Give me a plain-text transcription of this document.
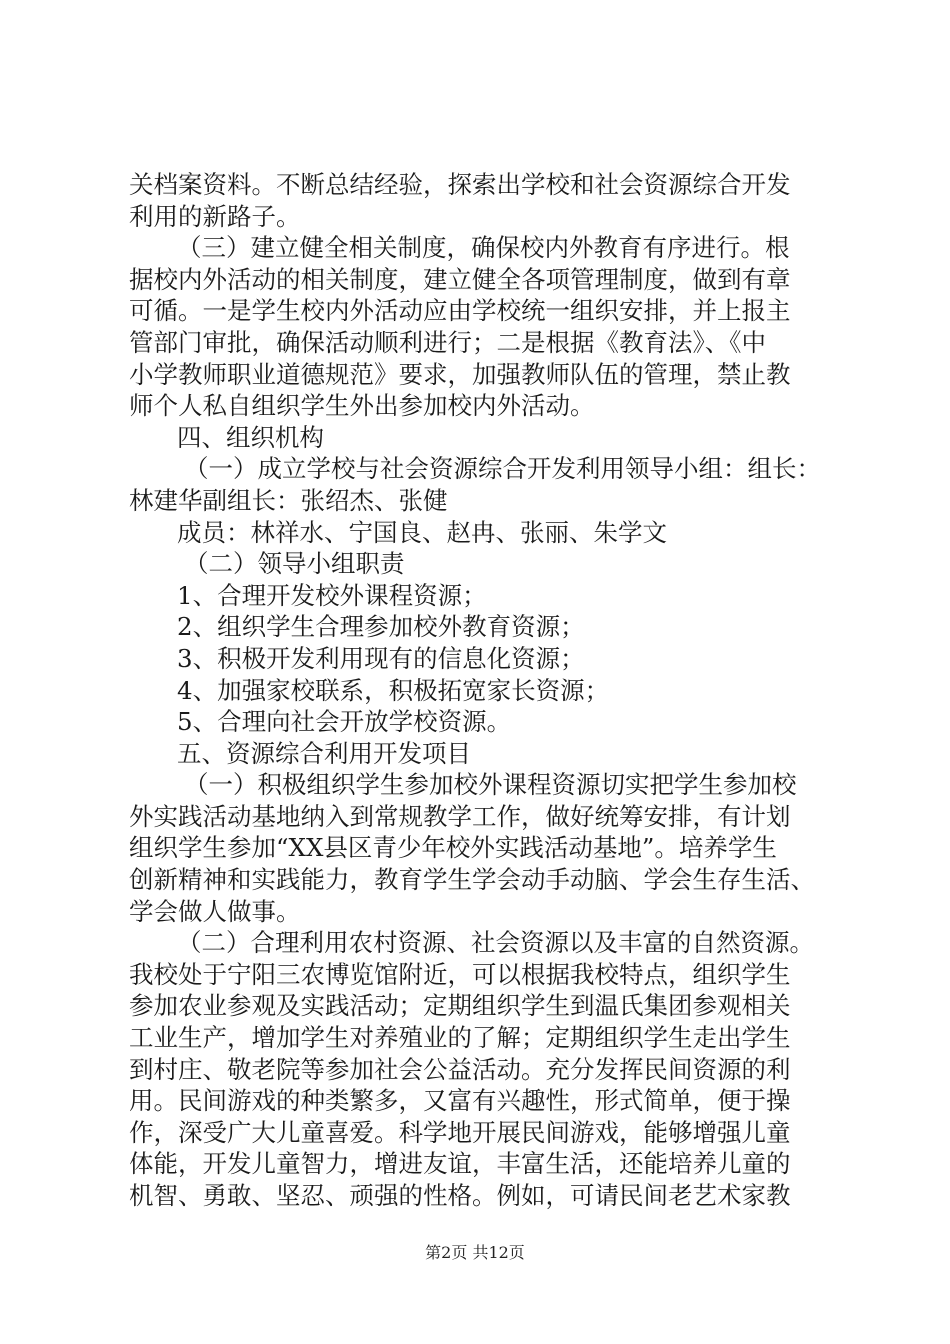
关档案资料。不断总结经验，探索出学校和社会资源综合开发
利用的新路子。
（三）建立健全相关制度，确保校内外教育有序进行。根
据校内外活动的相关制度，建立健全各项管理制度，做到有章
可循。一是学生校内外活动应由学校统一组织安排，并上报主
管部门审批，确保活动顺利进行；二是根据《教育法》、《中
小学教师职业道德规范》要求，加强教师队伍的管理，禁止教
师个人私自组织学生外出参加校内外活动。
四、组织机构
（一）成立学校与社会资源综合开发利用领导小组：组长：
林建华副组长：张绍杰、张健
成员：林祥水、宁国良、赵冉、张丽、朱学文
（二）领导小组职责
1、合理开发校外课程资源；
2、组织学生合理参加校外教育资源；
3、积极开发利用现有的信息化资源；
4、加强家校联系，积极拓宽家长资源；
5、合理向社会开放学校资源。
五、资源综合利用开发项目
（一）积极组织学生参加校外课程资源切实把学生参加校
外实践活动基地纳入到常规教学工作，做好统筹安排，有计划
组织学生参加“XX县区青少年校外实践活动基地”。培养学生
创新精神和实践能力，教育学生学会动手动脑、学会生存生活、
学会做人做事。
（二）合理利用农村资源、社会资源以及丰富的自然资源。
我校处于宁阳三农博览馆附近，可以根据我校特点，组织学生
参加农业参观及实践活动；定期组织学生到温氏集团参观相关
工业生产，增加学生对养殖业的了解；定期组织学生走出学生
到村庄、敬老院等参加社会公益活动。充分发挥民间资源的利
用。民间游戏的种类繁多，又富有兴趣性，形式简单，便于操
作，深受广大儿童喜爱。科学地开展民间游戏，能够增强儿童
体能，开发儿童智力，增进友谊，丰富生活，还能培养儿童的
机智、勇敢、坚忍、顽强的性格。例如，可请民间老艺术家教
第2页 共12页
